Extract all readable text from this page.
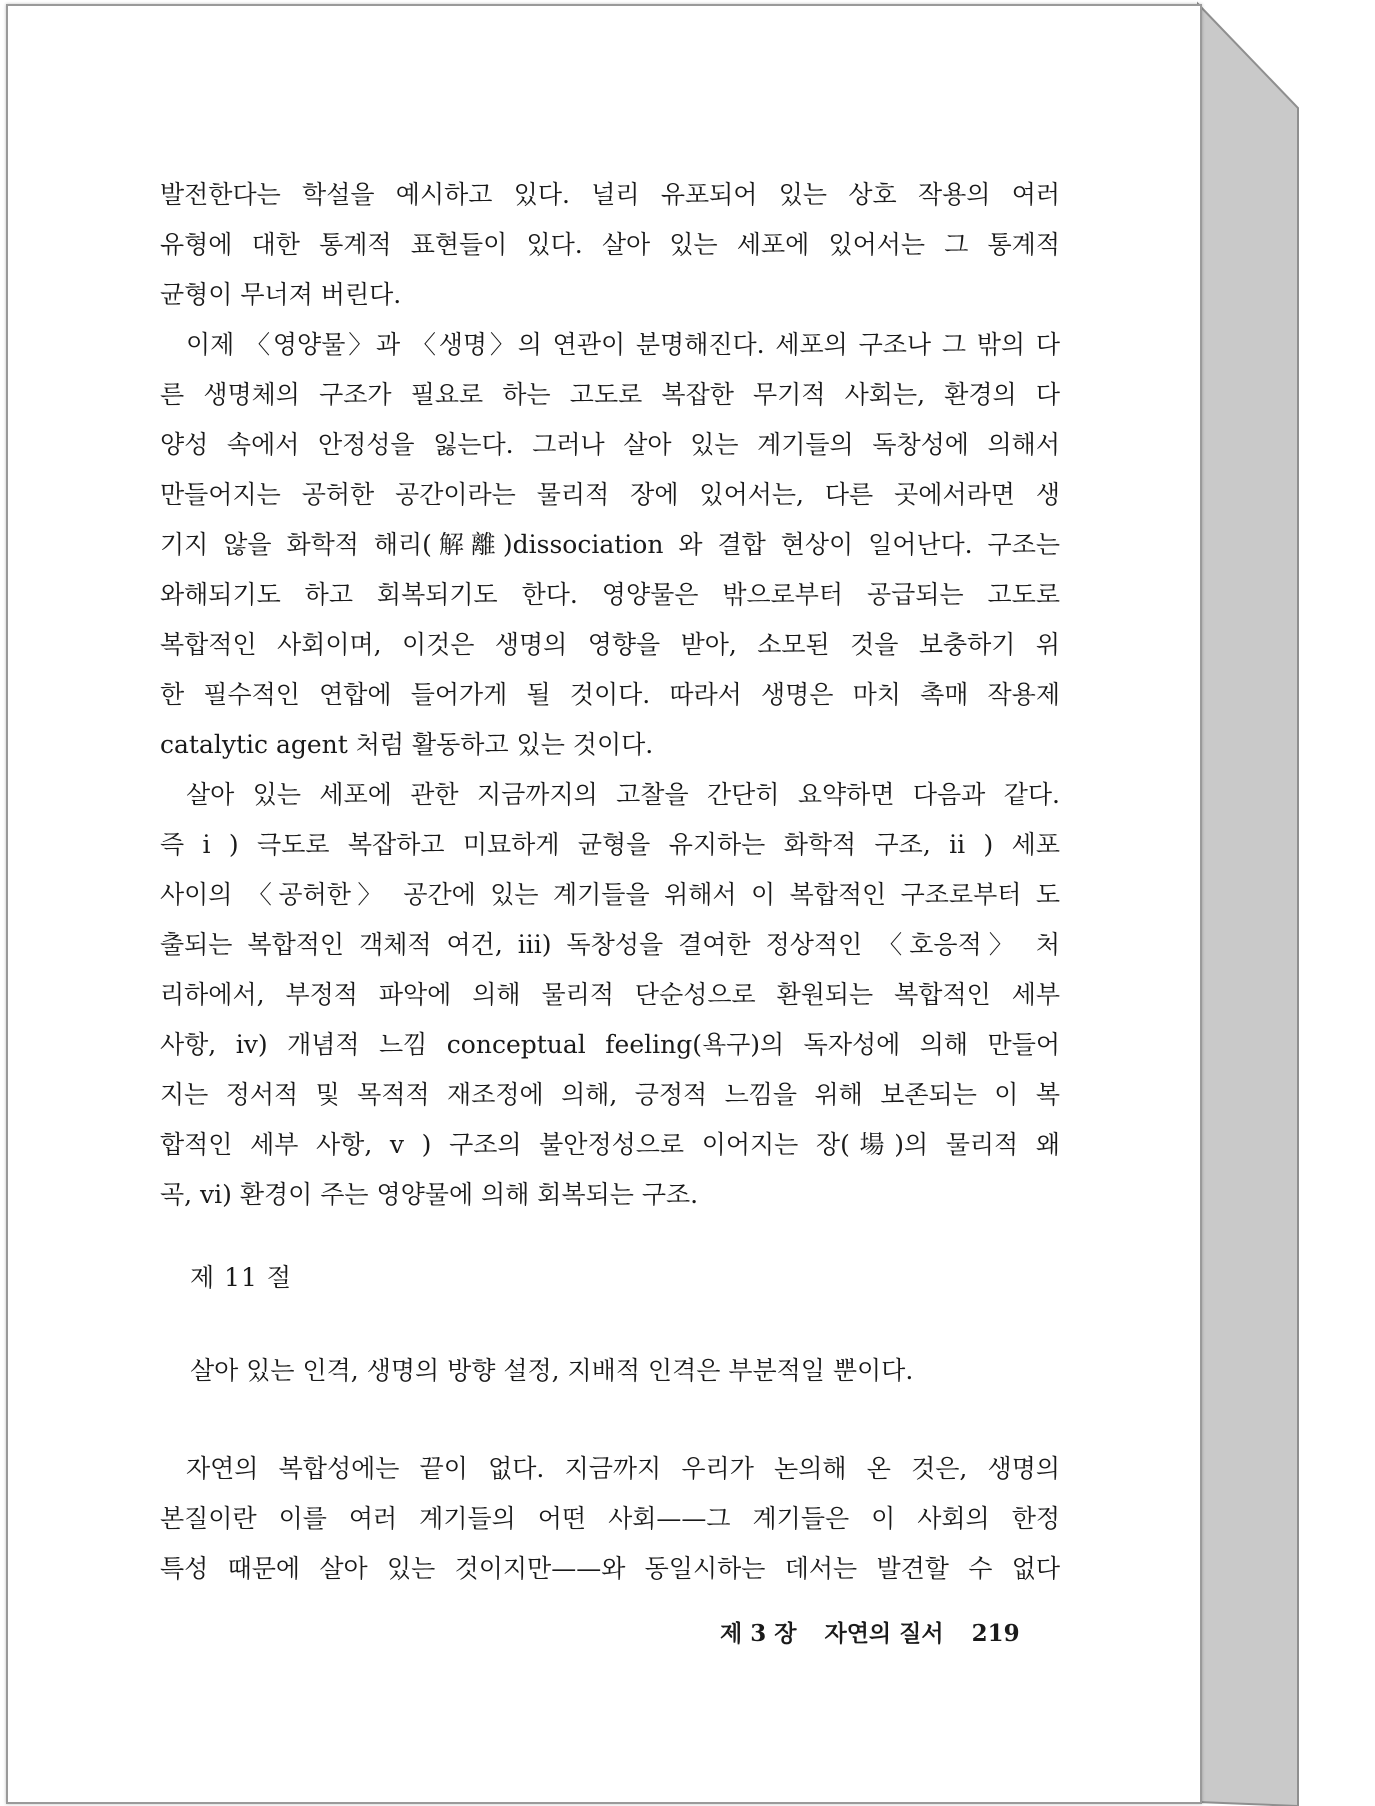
발전한다는 학설을 예시하고 있다. 널리 유포되어 있는 상호 작용의 여러
유형에 대한 통계적 표현들이 있다. 살아 있는 세포에 있어서는 그 통계적
균형이 무너져 버린다.
이제 〈영양물〉과 〈생명〉의 연관이 분명해진다. 세포의 구조나 그 밖의 다
른 생명체의 구조가 필요로 하는 고도로 복잡한 무기적 사회는, 환경의 다
양성 속에서 안정성을 잃는다. 그러나 살아 있는 계기들의 독창성에 의해서
만들어지는 공허한 공간이라는 물리적 장에 있어서는, 다른 곳에서라면 생
기지 않을 화학적 해리(解離)dissociation 와 결합 현상이 일어난다. 구조는
와해되기도 하고 회복되기도 한다. 영양물은 밖으로부터 공급되는 고도로
복합적인 사회이며, 이것은 생명의 영향을 받아, 소모된 것을 보충하기 위
한 필수적인 연합에 들어가게 될 것이다. 따라서 생명은 마치 촉매 작용제
catalytic agent 처럼 활동하고 있는 것이다.
살아 있는 세포에 관한 지금까지의 고찰을 간단히 요약하면 다음과 같다.
즉 i ) 극도로 복잡하고 미묘하게 균형을 유지하는 화학적 구조, ii ) 세포
사이의 〈공허한〉 공간에 있는 계기들을 위해서 이 복합적인 구조로부터 도
출되는 복합적인 객체적 여건, iii) 독창성을 결여한 정상적인 〈호응적〉 처
리하에서, 부정적 파악에 의해 물리적 단순성으로 환원되는 복합적인 세부
사항, iv) 개념적 느낌 conceptual feeling(욕구)의 독자성에 의해 만들어
지는 정서적 및 목적적 재조정에 의해, 긍정적 느낌을 위해 보존되는 이 복
합적인 세부 사항, v ) 구조의 불안정성으로 이어지는 장(場)의 물리적 왜
곡, vi) 환경이 주는 영양물에 의해 회복되는 구조.
제 11 절
살아 있는 인격, 생명의 방향 설정, 지배적 인격은 부분적일 뿐이다.
자연의 복합성에는 끝이 없다. 지금까지 우리가 논의해 온 것은, 생명의
본질이란 이를 여러 계기들의 어떤 사회——그 계기들은 이 사회의 한정
특성 때문에 살아 있는 것이지만——와 동일시하는 데서는 발견할 수 없다
제 3 장 자연의 질서 219
